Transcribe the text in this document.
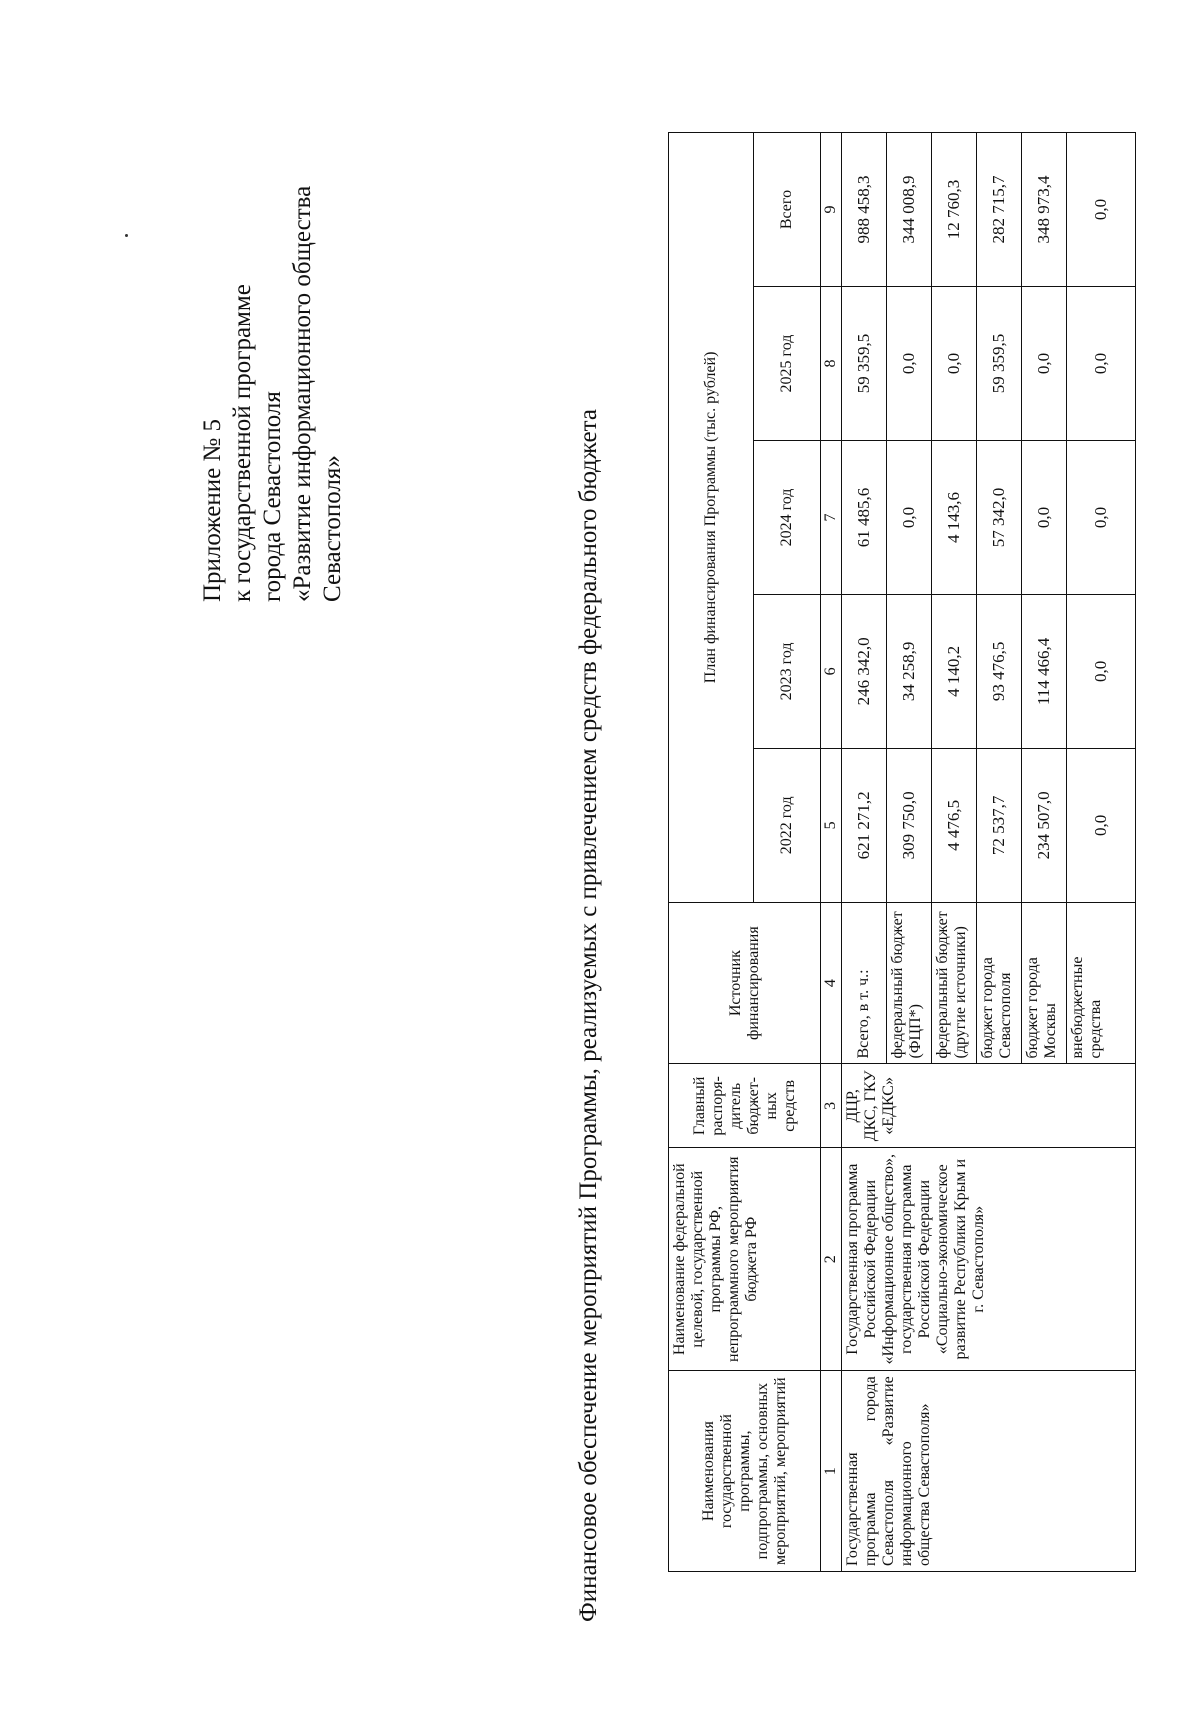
Приложение № 5 к государственной программе города Севастополя «Развитие информационного общества Севастополя»	Финансовое обеспечение мероприятий Программы, реализуемых с привлечением средств федерального бюджета	Наименования государственной программы, подпрограммы, основных мероприятий, мероприятий	Наименование федеральной целевой, государственной программы РФ, непрограммного мероприятия бюджета РФ	Главный распоря-дитель бюджет-ных средств	Источник финансирования	План финансирования Программы (тыс. рублей)				
				2022 год	2023 год	2024 год	2025 год	Всего
1	2	3	4	5	6	7	8	9
Государственная программа города Севастополя «Развитие информационного общества Севастополя»	Государственная программа Российской Федерации «Информационное общество», государственная программа Российской Федерации «Социально-экономическое развитие Республики Крым и г. Севастополя»	ДЦР, ДКС, ГКУ «ЕДКС»	Всего, в т. ч.:	621 271,2	246 342,0	61 485,6	59 359,5	988 458,3
			федеральный бюджет (ФЦП*)	309 750,0	34 258,9	0,0	0,0	344 008,9
			федеральный бюджет (другие источники)	4 476,5	4 140,2	4 143,6	0,0	12 760,3
			бюджет города Севастополя	72 537,7	93 476,5	57 342,0	59 359,5	282 715,7
			бюджет города Москвы	234 507,0	114 466,4	0,0	0,0	348 973,4
			внебюджетные средства	0,0	0,0	0,0	0,0	0,0
